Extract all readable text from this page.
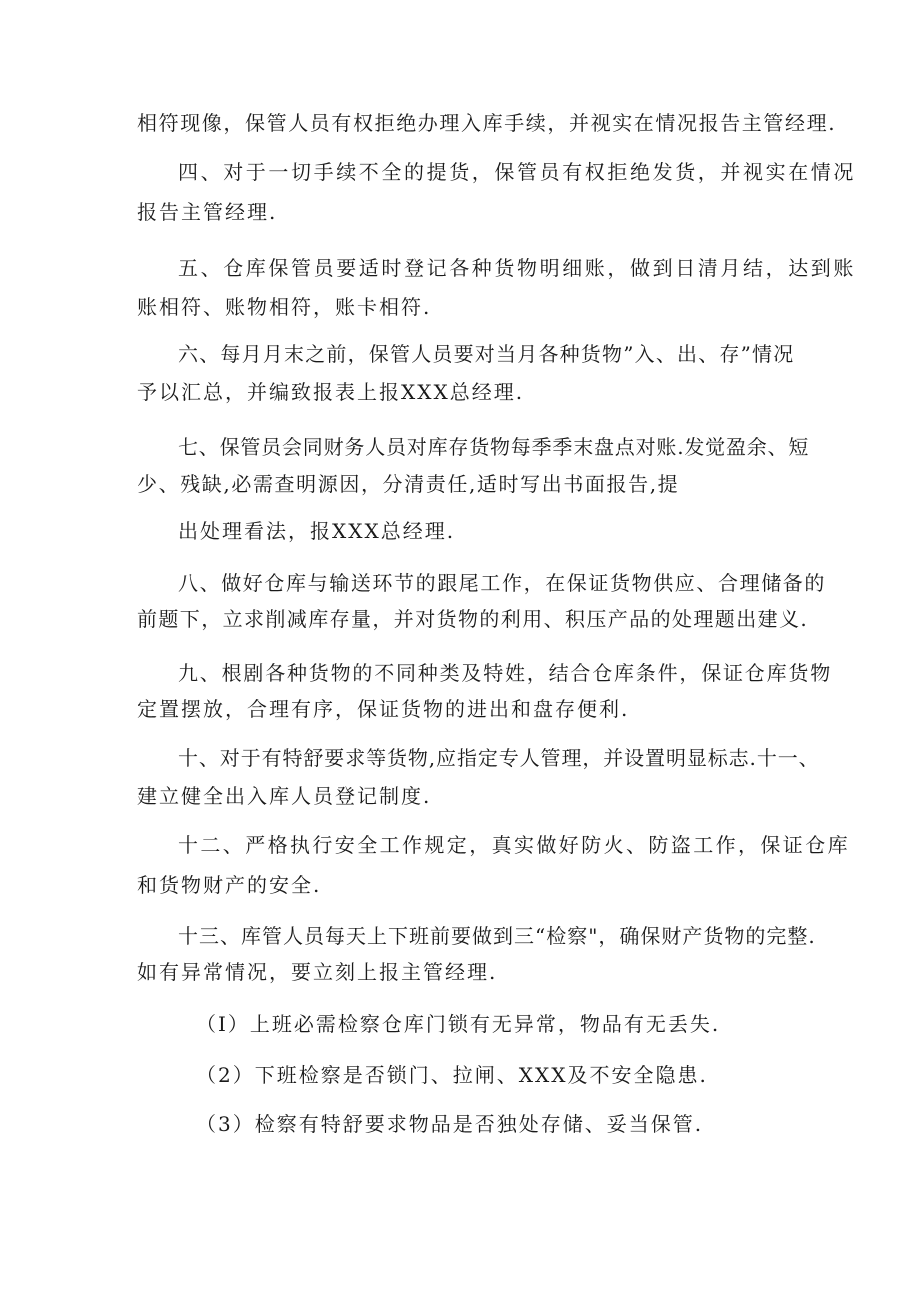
相符现像，保管人员有权拒绝办理入库手续，并视实在情况报告主管经理.
四、对于一切手续不全的提货，保管员有权拒绝发货，并视实在情况
报告主管经理.
五、仓库保管员要适时登记各种货物明细账，做到日清月结，达到账
账相符、账物相符，账卡相符.
六、每月月末之前，保管人员要对当月各种货物”入、出、存”情况
予以汇总，并编致报表上报XXX总经理.
七、保管员会同财务人员对库存货物每季季末盘点对账.发觉盈余、短
少、残缺,必需查明源因，分清责任,适时写出书面报告,提
出处理看法，报XXX总经理.
八、做好仓库与输送环节的跟尾工作，在保证货物供应、合理储备的
前题下，立求削减库存量，并对货物的利用、积压产品的处理题出建义.
九、根剧各种货物的不同种类及特姓，结合仓库条件，保证仓库货物
定置摆放，合理有序，保证货物的进出和盘存便利.
十、对于有特舒要求等货物,应指定专人管理，并设置明显标志.十一、
建立健全出入库人员登记制度.
十二、严格执行安全工作规定，真实做好防火、防盗工作，保证仓库
和货物财产的安全.
十三、库管人员每天上下班前要做到三“检察"，确保财产货物的完整.
如有异常情况，要立刻上报主管经理.
（I）上班必需检察仓库门锁有无异常，物品有无丢失.
（2）下班检察是否锁门、拉闸、XXX及不安全隐患.
（3）检察有特舒要求物品是否独处存储、妥当保管.
